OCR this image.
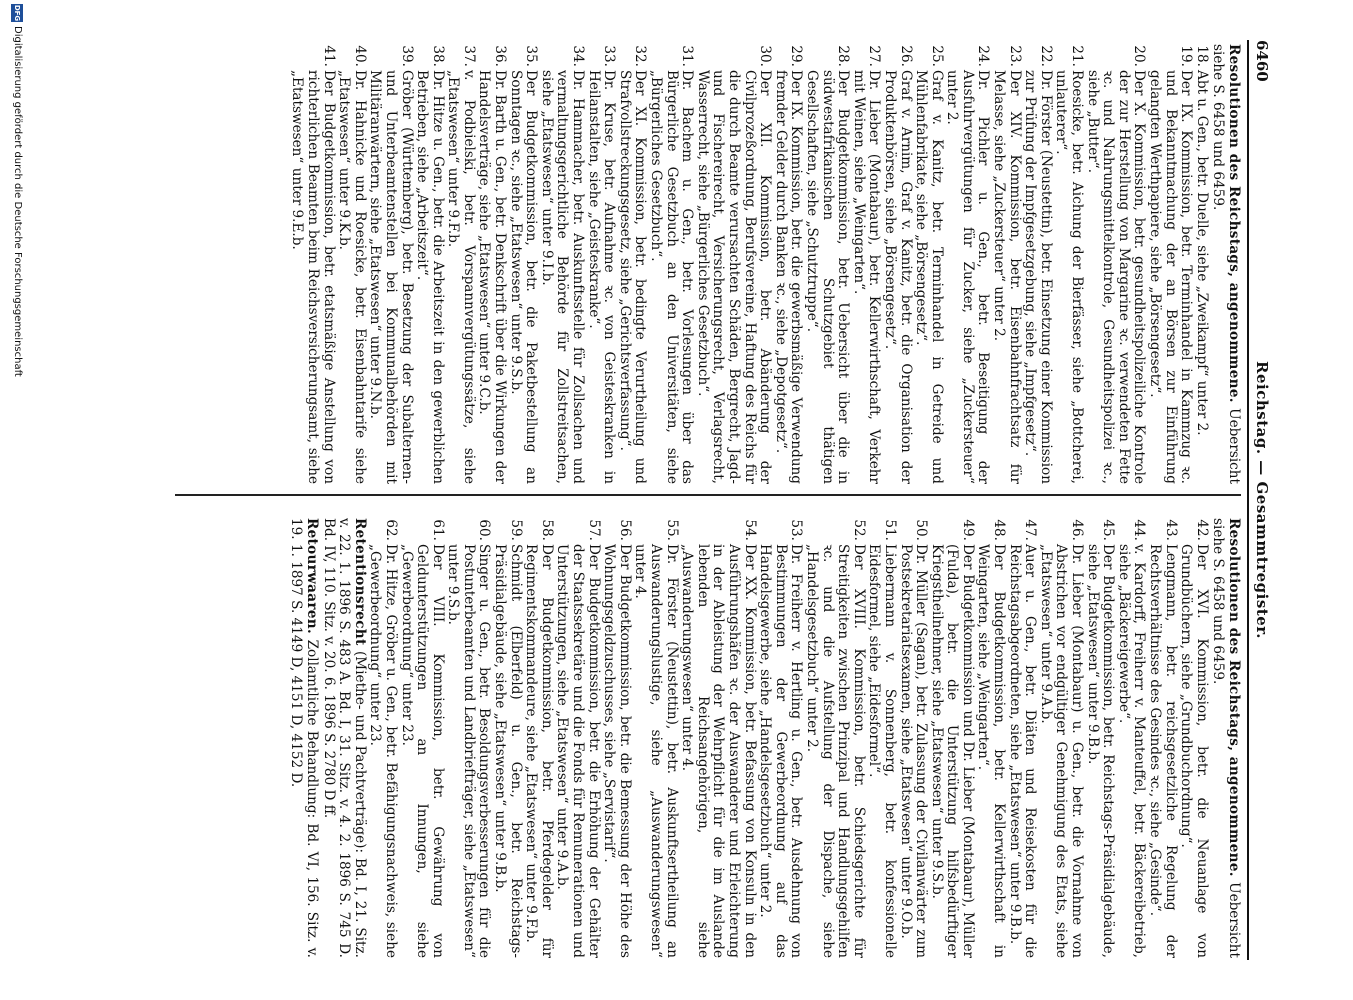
6460
Reichstag. — Gesammtregister.
Resolutionen des Reichstags, angenommene. Uebersicht siehe S. 6458 und 6459.
18.
Abt u. Gen., betr. Duelle, siehe „Zweikampf“ unter 2.
19.
Der IX. Kommission, betr. Terminhandel in Kammzug ꝛc. und Bekanntmachung der an Börsen zur Einführung gelangten Werthpapiere, siehe „Börsengesetz“.
20.
Der X. Kommission, betr. gesundheitspolizeiliche Kontrole der zur Herstellung von Margarine ꝛc. verwendeten Fette ꝛc. und Nahrungsmittelkontrole, Gesundheitspolizei ꝛc., siehe „Butter“.
21.
Roesicke, betr. Aichung der Bierfässer, siehe „Bottcherei, unlauterer“.
22.
Dr. Förster (Neustettin), betr. Einsetzung einer Kommission zur Prüfung der Impfgesetzgebung, siehe „Impfgesetz“.
23.
Der XIV. Kommission, betr. Eisenbahnfrachtsatz für Melasse, siehe „Zuckersteuer“ unter 2.
24.
Dr. Pichler u. Gen., betr. Beseitigung der Ausfuhrvergütungen für Zucker, siehe „Zuckersteuer“ unter 2.
25.
Graf v. Kanitz, betr. Terminhandel in Getreide und Mühlenfabrikate, siehe „Börsengesetz“.
26.
Graf v. Arnim, Graf v. Kanitz, betr. die Organisation der Produktenbörsen, siehe „Börsengesetz“.
27.
Dr. Lieber (Montabaur), betr. Kellerwirthschaft, Verkehr mit Weinen, siehe „Weingarten“.
28.
Der Budgetkommission, betr. Uebersicht über die in südwestafrikanischen Schutzgebiet thätigen Gesellschaften, siehe „Schutztruppe“.
29.
Der IX. Kommission, betr. die gewerbsmäßige Verwendung fremder Gelder durch Banken ꝛc., siehe „Depotgesetz“.
30.
Der XII. Kommission, betr. Abänderung der Civilprozeßordnung, Berufsvereine, Haftung des Reichs für die durch Beamte verursachten Schäden, Bergrecht, Jagd- und Fischereirecht, Versicherungsrecht, Verlagsrecht, Wasserrecht, siehe „Bürgerliches Gesetzbuch“.
31.
Dr. Bachem u. Gen., betr. Vorlesungen über das Bürgerliche Gesetzbuch an den Universitäten, siehe „Bürgerliches Gesetzbuch“.
32.
Der XI. Kommission, betr. bedingte Verurtheilung und Strafvollstreckungsgesetz, siehe „Gerichtsverfassung“.
33.
Dr. Kruse, betr. Aufnahme ꝛc. von Geisteskranken in Heilanstalten, siehe „Geisteskranke“.
34.
Dr. Hammacher, betr. Auskunftsstelle für Zollsachen und vermaltungsgerichtliche Behörde für Zollstreitsachen, siehe „Etatswesen“ unter 9.I.b.
35.
Der Budgetkommission, betr. die Paketbestellung an Sonntagen ꝛc., siehe „Etatswesen“ unter 9.S.b.
36.
Dr. Barth u. Gen., betr. Denkschrift über die Wirkungen der Handelsverträge, siehe „Etatswesen“ unter 9.C.b.
37.
v. Podbielski, betr. Vorspannvergütungssätze, siehe „Etatswesen“ unter 9.F.b.
38.
Dr. Hitze u. Gen., betr. die Arbeitszeit in den gewerblichen Betrieben, siehe „Arbeitszeit“.
39.
Gröber (Württemberg), betr. Besetzung der Subalternen- und Unterbeamtenstellen bei Kommunalbehörden mit Militäranwärtern, siehe „Etatswesen“ unter 9.N.b.
40.
Dr. Hahnicke und Roesicke, betr. Eisenbahntarife siehe „Etatswesen“ unter 9.K.b.
41.
Der Budgetkommission, betr. etatsmäßige Anstellung von richterlichen Beamten beim Reichsversicherungsamt, siehe „Etatswesen“ unter 9.E.b.
Resolutionen des Reichstags, angenommene. Uebersicht siehe S. 6458 und 6459.
42.
Der XVI. Kommission, betr. die Neuanlage von Grundbüchern, siehe „Grundbuchordnung“.
43.
Lengmann, betr. reichsgesetzliche Regelung der Rechtsverhältnisse des Gesindes ꝛc., siehe „Gesinde“.
44.
v. Kardorff, Freiherr v. Manteuffel, betr. Bäckereibetrieb, siehe „Bäckereigewerbe“.
45.
Der Budgetkommission, betr. Reichstags-Präsidialgebäude, siehe „Etatswesen“ unter 9.B.b.
46.
Dr. Lieber (Montabaur) u. Gen., betr. die Vornahme von Abstrichen vor endgültiger Genehmigung des Etats, siehe „Etatswesen“ unter 9.A.b.
47.
Auer u. Gen., betr. Diäten und Reisekosten für die Reichstagsabgeordneten, siehe „Etatswesen“ unter 9.B.b.
48.
Der Budgetkommission, betr. Kellerwirthschaft in Weingarten, siehe „Weingarten“.
49.
Der Budgetkommission und Dr. Lieber (Montabaur), Müller (Fulda), betr. die Unterstützung hilfsbedürftiger Kriegstheilnehmer, siehe „Etatswesen“ unter 9.S.b.
50.
Dr. Müller (Sagan), betr. Zulassung der Civilanwärter zum Postsekretariatsexamen, siehe „Etatswesen“ unter 9.O.b.
51.
Liebermann v. Sonnenberg, betr. konfessionelle Eidesformel, siehe „Eidesformel“.
52.
Der XVIII. Kommission, betr. Schiedsgerichte für Streitigkeiten zwischen Prinzipal und Handlungsgehilfen ꝛc. und die Aufstellung der Dispache, siehe „Handelsgesetzbuch“ unter 2.
53.
Dr. Freiherr v. Hertling u. Gen., betr. Ausdehnung von Bestimmungen der Gewerbeordnung auf das Handelsgewerbe, siehe „Handelsgesetzbuch“ unter 2.
54.
Der XX. Kommission, betr. Befassung von Konsuln in den Ausführungshäfen ꝛc. der Auswanderer und Erleichterung in der Ableistung der Wehrpflicht für die im Auslande lebenden Reichsangehörigen, siehe „Auswanderungswesen“ unter 4.
55.
Dr. Förster (Neustettin), betr. Auskunftsertheilung an Auswanderungslustige, siehe „Auswanderungswesen“ unter 4.
56.
Der Budgetkommission, betr. die Bemessung der Höhe des Wohnungsgeldzuschusses, siehe „Servistarif“.
57.
Der Budgetkommission, betr. die Erhöhung der Gehälter der Staatssekretäre und die Fonds für Remunerationen und Unterstützungen, siehe „Etatswesen“ unter 9.A.b.
58.
Der Budgetkommission, betr. Pferdegelder für Regimentskommandeure, siehe „Etatswesen“ unter 9.F.b.
59.
Schmidt (Elberfeld) u. Gen., betr. Reichstags-Präsidialgebäude, siehe „Etatswesen“ unter 9.B.b.
60.
Singer u. Gen., betr. Besoldungsverbesserungen für die Postunterbeamten und Landbriefträger, siehe „Etatswesen“ unter 9.S.b.
61.
Der VIII. Kommission, betr. Gewährung von Geldunterstützungen an Innungen, siehe „Gewerbeordnung“ unter 23.
62.
Dr. Hitze, Gröber u. Gen., betr. Befähigungsnachweis, siehe „Gewerbeordnung“ unter 23.
Retentionsrecht (Miethe- und Pachtverträge): Bd. I, 21. Sitz. v. 22. 1. 1896 S. 483 A. Bd. I, 31. Sitz. v. 4. 2. 1896 S. 745 D. Bd. IV, 110. Sitz. v. 20. 6. 1896 S. 2780 D ff.
Retourwaaren. Zollamtliche Behandlung: Bd. VI, 156. Sitz. v. 19. 1. 1897 S. 4149 D, 4151 D, 4152 D.
DFG
Digitalisierung gefördert durch die Deutsche Forschungsgemeinschaft
